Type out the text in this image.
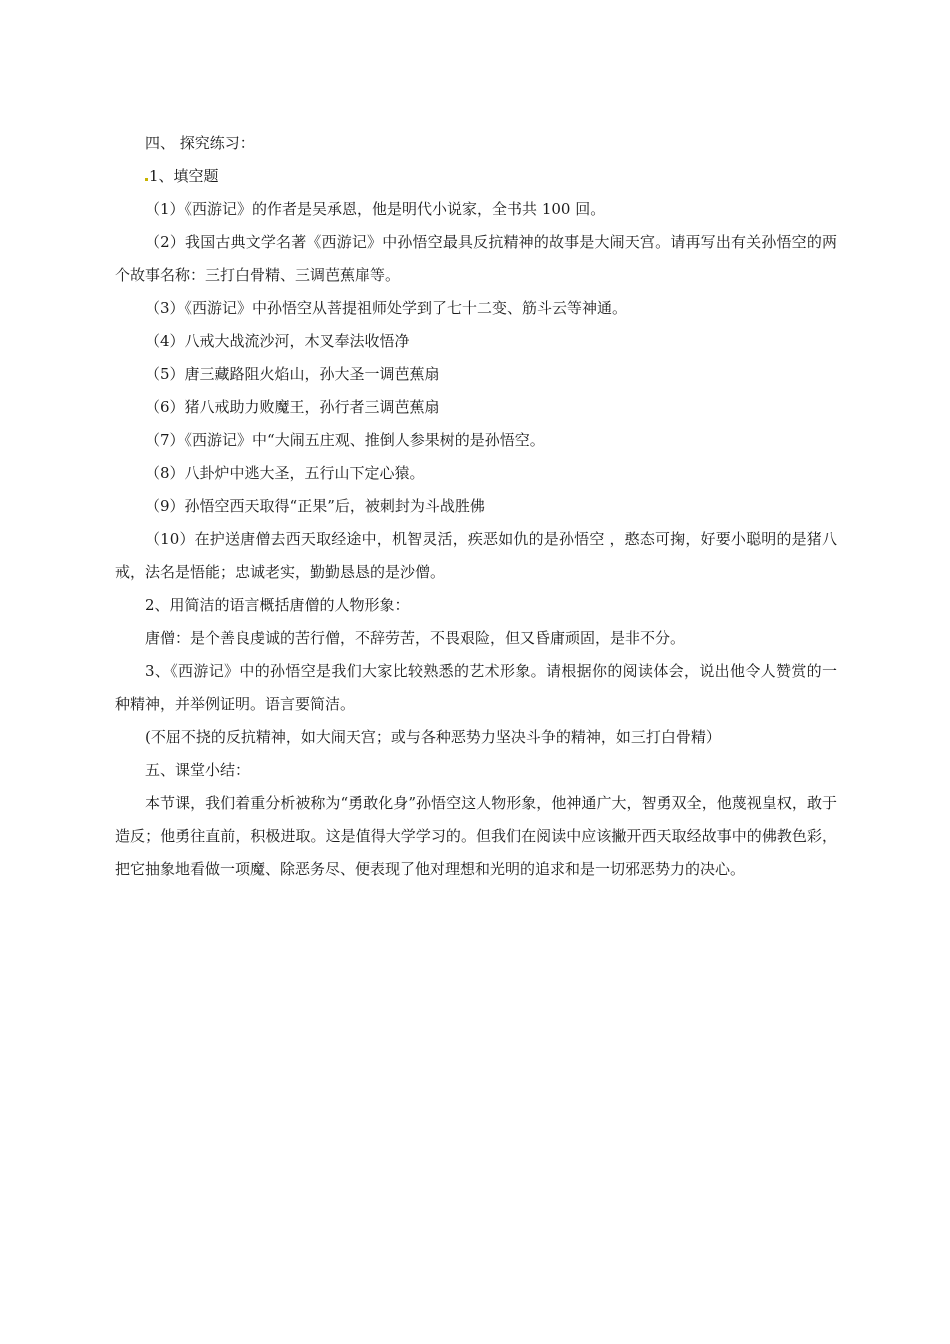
四、 探究练习：

1、填空题

（1）《西游记》的作者是吴承恩，他是明代小说家，全书共 100 回。

（2）我国古典文学名著《西游记》中孙悟空最具反抗精神的故事是大闹天宫。请再写出有关孙悟空的两个故事名称：三打白骨精、三调芭蕉扉等。

（3）《西游记》中孙悟空从菩提祖师处学到了七十二变、筋斗云等神通。

（4）八戒大战流沙河，木叉奉法收悟净

（5）唐三藏路阻火焰山，孙大圣一调芭蕉扇

（6）猪八戒助力败魔王，孙行者三调芭蕉扇

（7）《西游记》中“大闹五庄观、推倒人参果树的是孙悟空。

（8）八卦炉中逃大圣，五行山下定心猿。

（9）孙悟空西天取得“正果”后，被刺封为斗战胜佛

（10）在护送唐僧去西天取经途中，机智灵活，疾恶如仇的是孙悟空 ，憨态可掬，好要小聪明的是猪八戒，法名是悟能；忠诚老实，勤勤恳恳的是沙僧。

2、用简洁的语言概括唐僧的人物形象：

唐僧：是个善良虔诚的苦行僧，不辞劳苦，不畏艰险，但又昏庸顽固，是非不分。

3、《西游记》中的孙悟空是我们大家比较熟悉的艺术形象。请根据你的阅读体会，说出他令人赞赏的一种精神，并举例证明。语言要简洁。

(不屈不挠的反抗精神，如大闹天宫；或与各种恶势力坚决斗争的精神，如三打白骨精）

五、课堂小结：

本节课，我们着重分析被称为“勇敢化身”孙悟空这人物形象，他神通广大，智勇双全，他蔑视皇权，敢于造反；他勇往直前，积极进取。这是值得大学学习的。但我们在阅读中应该撇开西天取经故事中的佛教色彩，把它抽象地看做一项魔、除恶务尽、便表现了他对理想和光明的追求和是一切邪恶势力的决心。
